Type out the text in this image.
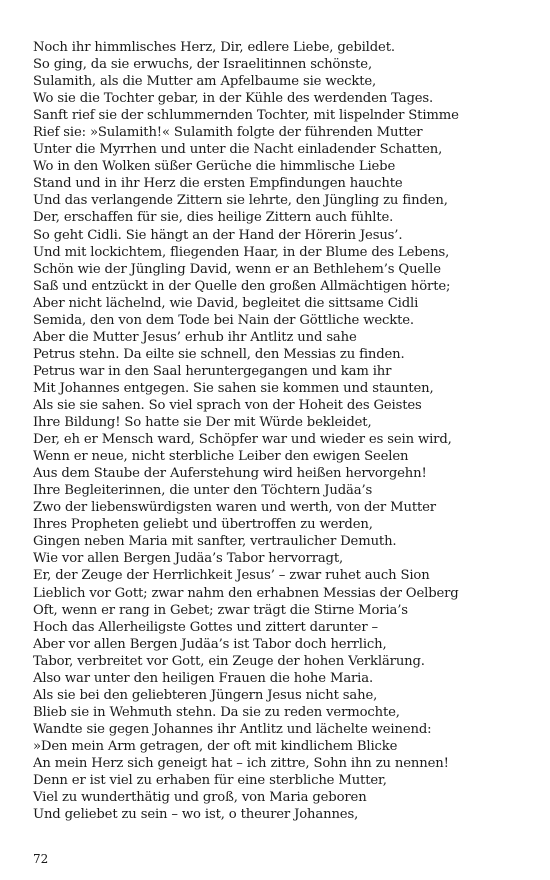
Noch ihr himmlisches Herz, Dir, edlere Liebe, gebildet.
So ging, da sie erwuchs, der Israelitinnen schönste,
Sulamith, als die Mutter am Apfelbaume sie weckte,
Wo sie die Tochter gebar, in der Kühle des werdenden Tages.
Sanft rief sie der schlummernden Tochter, mit lispelnder Stimme
Rief sie: »Sulamith!« Sulamith folgte der führenden Mutter
Unter die Myrrhen und unter die Nacht einladender Schatten,
Wo in den Wolken süßer Gerüche die himmlische Liebe
Stand und in ihr Herz die ersten Empfindungen hauchte
Und das verlangende Zittern sie lehrte, den Jüngling zu finden,
Der, erschaffen für sie, dies heilige Zittern auch fühlte.
So geht Cidli. Sie hängt an der Hand der Hörerin Jesus’.
Und mit lockichtem, fliegenden Haar, in der Blume des Lebens,
Schön wie der Jüngling David, wenn er an Bethlehem’s Quelle
Saß und entzückt in der Quelle den großen Allmächtigen hörte;
Aber nicht lächelnd, wie David, begleitet die sittsame Cidli
Semida, den von dem Tode bei Nain der Göttliche weckte.
Aber die Mutter Jesus’ erhub ihr Antlitz und sahe
Petrus stehn. Da eilte sie schnell, den Messias zu finden.
Petrus war in den Saal heruntergegangen und kam ihr
Mit Johannes entgegen. Sie sahen sie kommen und staunten,
Als sie sie sahen. So viel sprach von der Hoheit des Geistes
Ihre Bildung! So hatte sie Der mit Würde bekleidet,
Der, eh er Mensch ward, Schöpfer war und wieder es sein wird,
Wenn er neue, nicht sterbliche Leiber den ewigen Seelen
Aus dem Staube der Auferstehung wird heißen hervorgehn!
Ihre Begleiterinnen, die unter den Töchtern Judäa’s
Zwo der liebenswürdigsten waren und werth, von der Mutter
Ihres Propheten geliebt und übertroffen zu werden,
Gingen neben Maria mit sanfter, vertraulicher Demuth.
Wie vor allen Bergen Judäa’s Tabor hervorragt,
Er, der Zeuge der Herrlichkeit Jesus’ – zwar ruhet auch Sion
Lieblich vor Gott; zwar nahm den erhabnen Messias der Oelberg
Oft, wenn er rang in Gebet; zwar trägt die Stirne Moria’s
Hoch das Allerheiligste Gottes und zittert darunter –
Aber vor allen Bergen Judäa’s ist Tabor doch herrlich,
Tabor, verbreitet vor Gott, ein Zeuge der hohen Verklärung.
Also war unter den heiligen Frauen die hohe Maria.
Als sie bei den geliebteren Jüngern Jesus nicht sahe,
Blieb sie in Wehmuth stehn. Da sie zu reden vermochte,
Wandte sie gegen Johannes ihr Antlitz und lächelte weinend:
»Den mein Arm getragen, der oft mit kindlichem Blicke
An mein Herz sich geneigt hat – ich zittre, Sohn ihn zu nennen!
Denn er ist viel zu erhaben für eine sterbliche Mutter,
Viel zu wunderthätig und groß, von Maria geboren
Und geliebet zu sein – wo ist, o theurer Johannes,
72
